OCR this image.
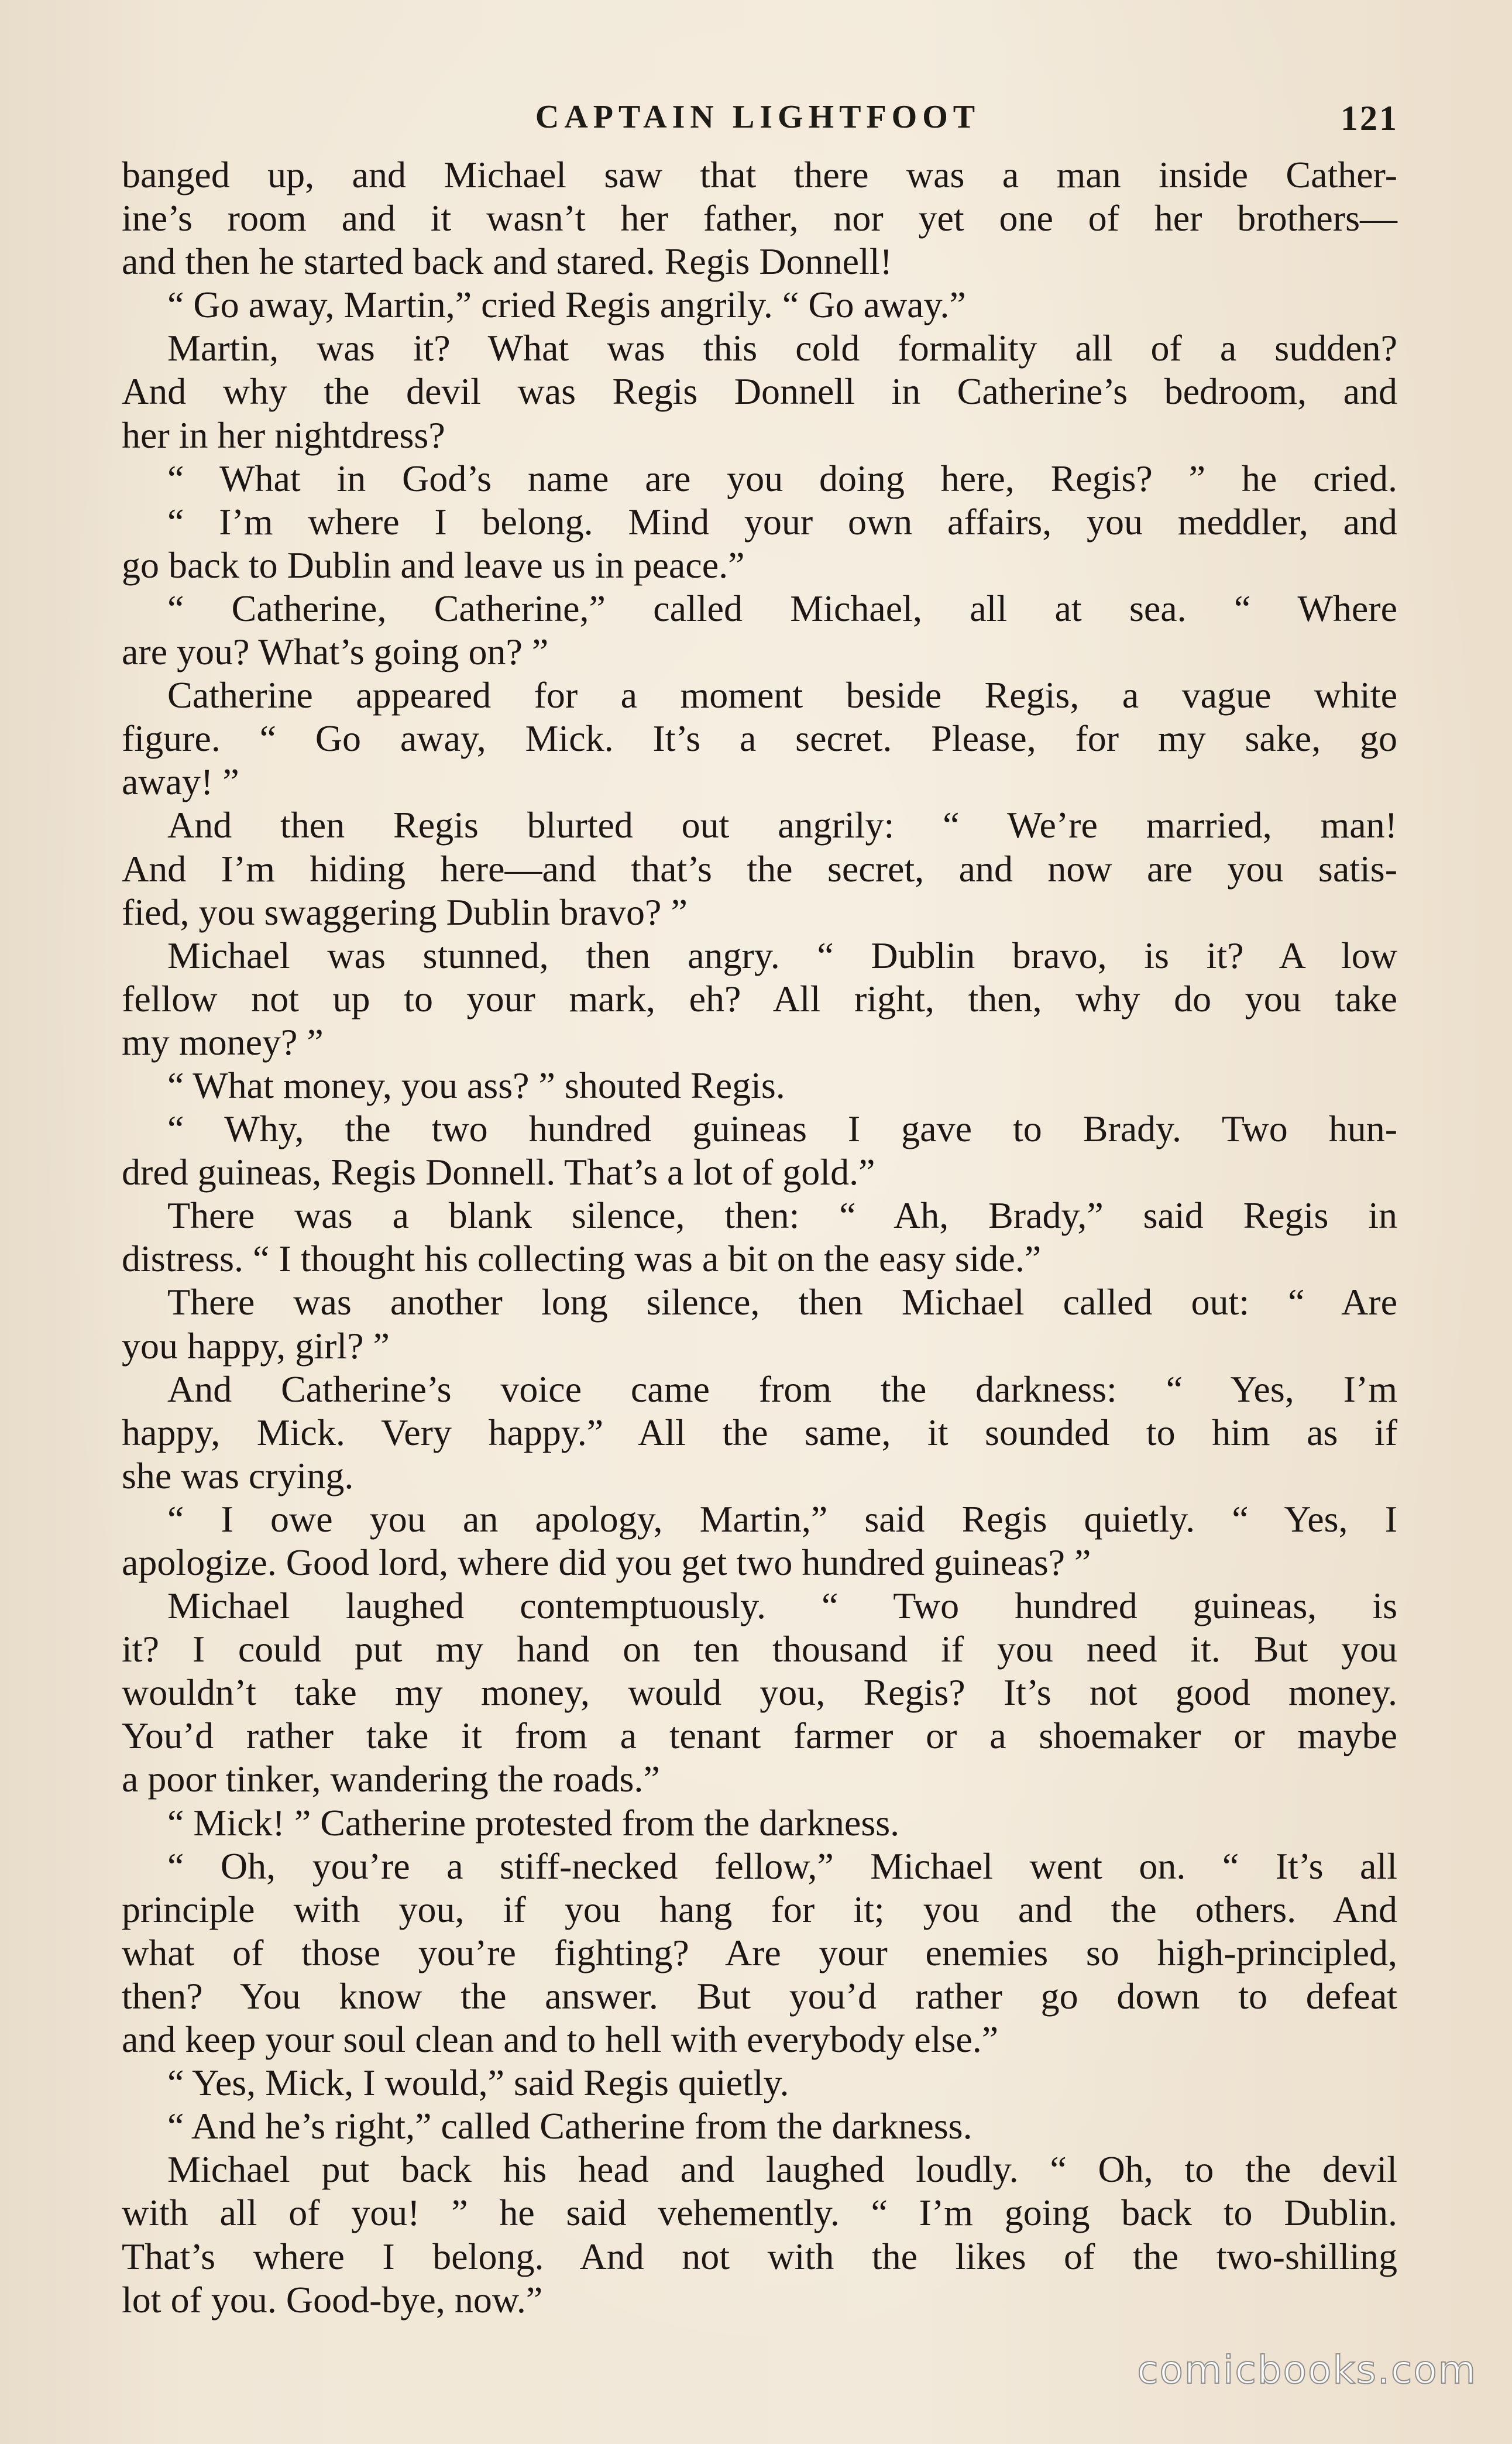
CAPTAIN LIGHTFOOT	121
banged up, and Michael saw that there was a man inside Cather-
ine’s room and it wasn’t her father, nor yet one of her brothers—
and then he started back and stared. Regis Donnell!
“ Go away, Martin,” cried Regis angrily. “ Go away.”
Martin, was it? What was this cold formality all of a sudden?
And why the devil was Regis Donnell in Catherine’s bedroom, and
her in her nightdress?
“ What in God’s name are you doing here, Regis? ” he cried.
“ I’m where I belong. Mind your own affairs, you meddler, and
go back to Dublin and leave us in peace.”
“ Catherine, Catherine,” called Michael, all at sea. “ Where
are you? What’s going on? ”
Catherine appeared for a moment beside Regis, a vague white
figure. “ Go away, Mick. It’s a secret. Please, for my sake, go
away! ”
And then Regis blurted out angrily: “ We’re married, man!
And I’m hiding here—and that’s the secret, and now are you satis-
fied, you swaggering Dublin bravo? ”
Michael was stunned, then angry. “ Dublin bravo, is it? A low
fellow not up to your mark, eh? All right, then, why do you take
my money? ”
“ What money, you ass? ” shouted Regis.
“ Why, the two hundred guineas I gave to Brady. Two hun-
dred guineas, Regis Donnell. That’s a lot of gold.”
There was a blank silence, then: “ Ah, Brady,” said Regis in
distress. “ I thought his collecting was a bit on the easy side.”
There was another long silence, then Michael called out: “ Are
you happy, girl? ”
And Catherine’s voice came from the darkness: “ Yes, I’m
happy, Mick. Very happy.” All the same, it sounded to him as if
she was crying.
“ I owe you an apology, Martin,” said Regis quietly. “ Yes, I
apologize. Good lord, where did you get two hundred guineas? ”
Michael laughed contemptuously. “ Two hundred guineas, is
it? I could put my hand on ten thousand if you need it. But you
wouldn’t take my money, would you, Regis? It’s not good money.
You’d rather take it from a tenant farmer or a shoemaker or maybe
a poor tinker, wandering the roads.”
“ Mick! ” Catherine protested from the darkness.
“ Oh, you’re a stiff-necked fellow,” Michael went on. “ It’s all
principle with you, if you hang for it; you and the others. And
what of those you’re fighting? Are your enemies so high-principled,
then? You know the answer. But you’d rather go down to defeat
and keep your soul clean and to hell with everybody else.”
“ Yes, Mick, I would,” said Regis quietly.
“ And he’s right,” called Catherine from the darkness.
Michael put back his head and laughed loudly. “ Oh, to the devil
with all of you! ” he said vehemently. “ I’m going back to Dublin.
That’s where I belong. And not with the likes of the two-shilling
lot of you. Good-bye, now.”
comicbooks.com
